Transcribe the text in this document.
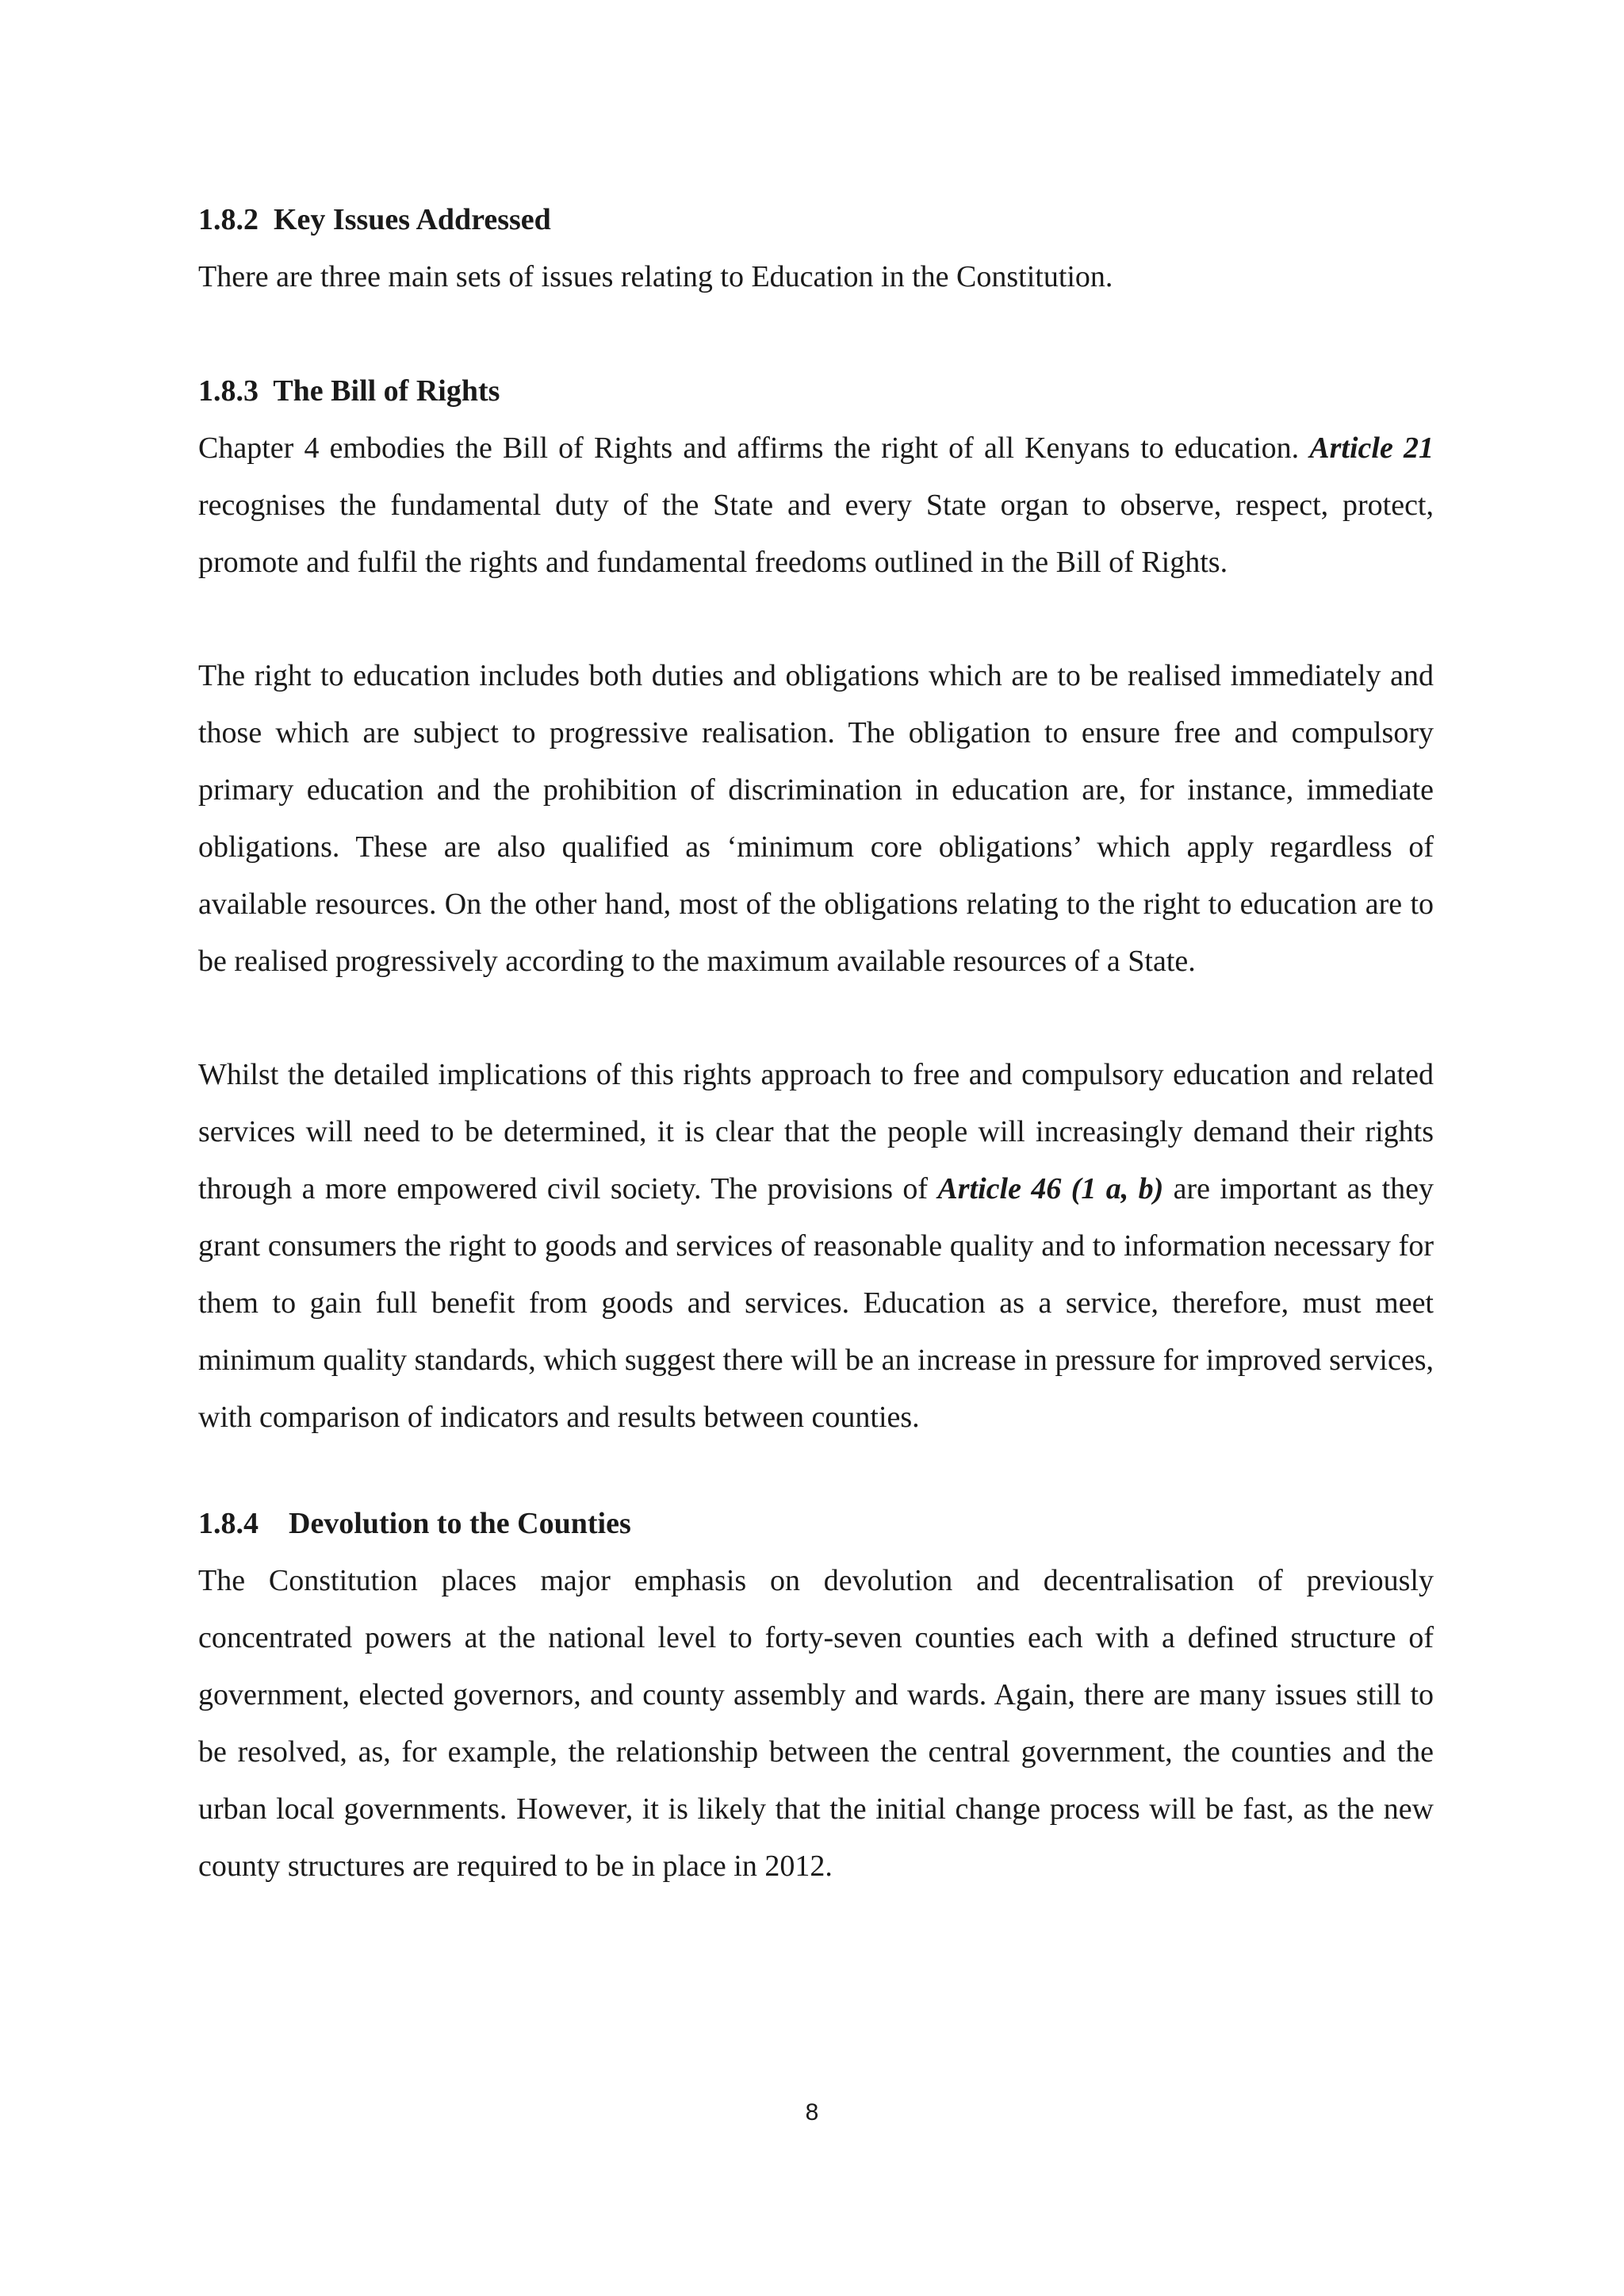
1.8.2  Key Issues Addressed

There are three main sets of issues relating to Education in the Constitution.

1.8.3  The Bill of Rights

Chapter 4 embodies the Bill of Rights and affirms the right of all Kenyans to education. Article 21 recognises the fundamental duty of the State and every State organ to observe, respect, protect, promote and fulfil the rights and fundamental freedoms outlined in the Bill of Rights.

The right to education includes both duties and obligations which are to be realised immediately and those which are subject to progressive realisation. The obligation to ensure free and compulsory primary education and the prohibition of discrimination in education are, for instance, immediate obligations. These are also qualified as ‘minimum core obligations’ which apply regardless of available resources. On the other hand, most of the obligations relating to the right to education are to be realised progressively according to the maximum available resources of a State.

Whilst the detailed implications of this rights approach to free and compulsory education and related services will need to be determined, it is clear that the people will increasingly demand their rights through a more empowered civil society. The provisions of Article 46 (1 a, b) are important as they grant consumers the right to goods and services of reasonable quality and to information necessary for them to gain full benefit from goods and services. Education as a service, therefore, must meet minimum quality standards, which suggest there will be an increase in pressure for improved services, with comparison of indicators and results between counties.

1.8.4    Devolution to the Counties

The Constitution places major emphasis on devolution and decentralisation of previously concentrated powers at the national level to forty-seven counties each with a defined structure of government, elected governors, and county assembly and wards. Again, there are many issues still to be resolved, as, for example, the relationship between the central government, the counties and the urban local governments. However, it is likely that the initial change process will be fast, as the new county structures are required to be in place in 2012.

8
